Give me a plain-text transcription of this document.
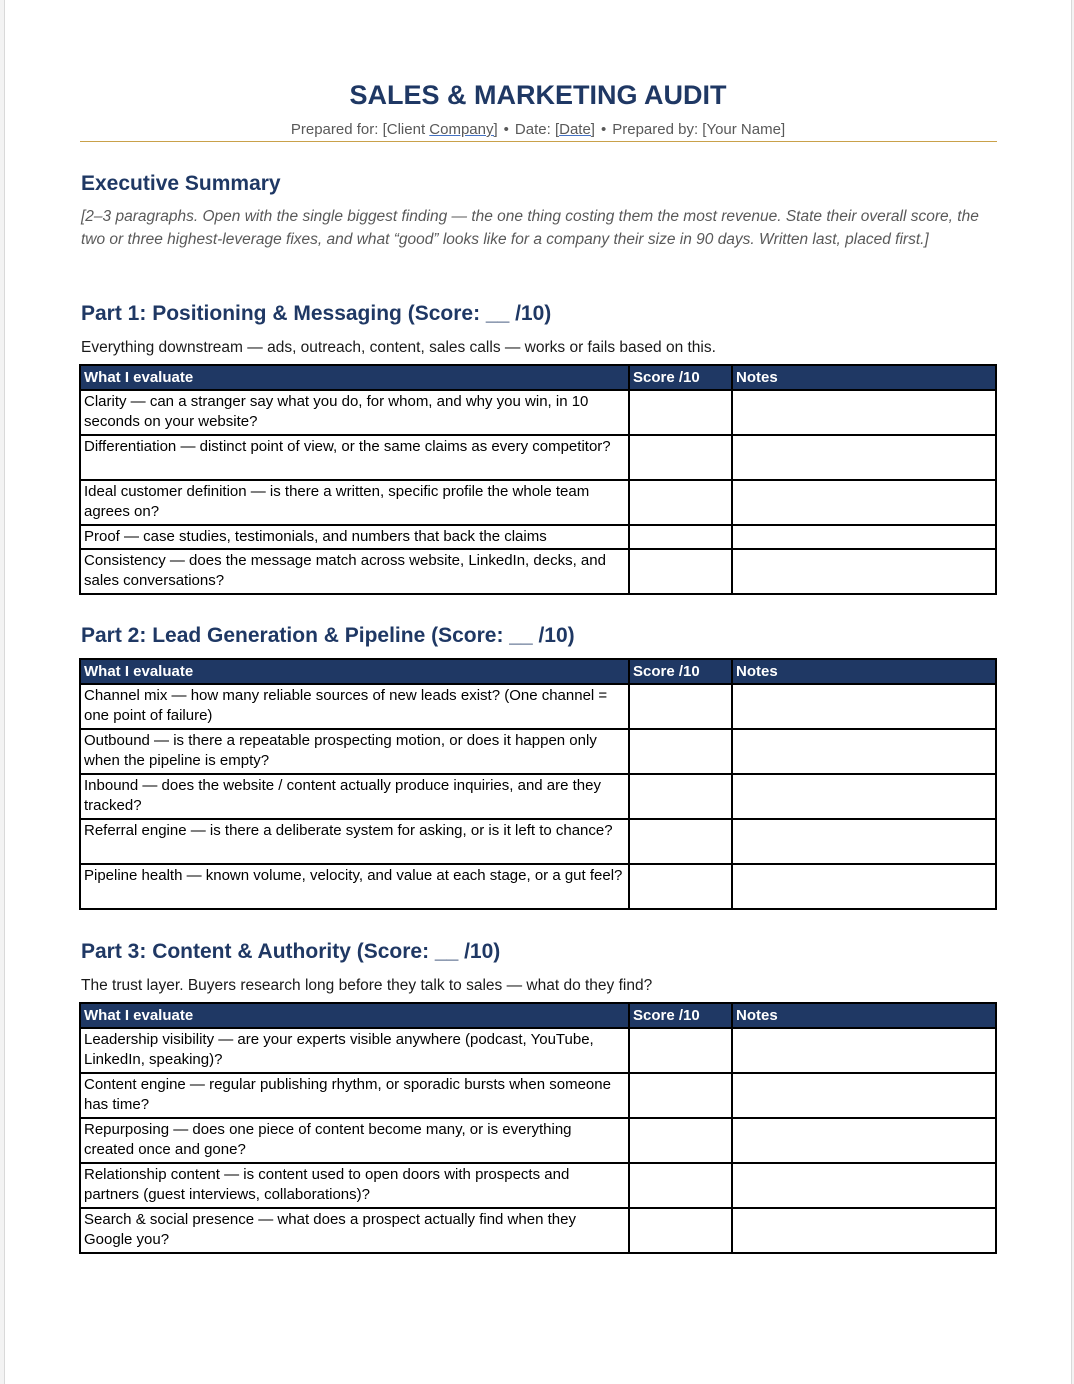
SALES & MARKETING AUDIT
Prepared for: [Client Company] • Date: [Date] • Prepared by: [Your Name]
Executive Summary
[2–3 paragraphs. Open with the single biggest finding — the one thing costing them the most revenue. State their overall score, the two or three highest-leverage fixes, and what “good” looks like for a company their size in 90 days. Written last, placed first.]
Part 1: Positioning & Messaging (Score: __ /10)
Everything downstream — ads, outreach, content, sales calls — works or fails based on this.
What I evaluate	Score /10	Notes
Clarity — can a stranger say what you do, for whom, and why you win, in 10 seconds on your website?		
Differentiation — distinct point of view, or the same claims as every competitor?		
Ideal customer definition — is there a written, specific profile the whole team agrees on?		
Proof — case studies, testimonials, and numbers that back the claims		
Consistency — does the message match across website, LinkedIn, decks, and sales conversations?		
Part 2: Lead Generation & Pipeline (Score: __ /10)
What I evaluate	Score /10	Notes
Channel mix — how many reliable sources of new leads exist? (One channel = one point of failure)		
Outbound — is there a repeatable prospecting motion, or does it happen only when the pipeline is empty?		
Inbound — does the website / content actually produce inquiries, and are they tracked?		
Referral engine — is there a deliberate system for asking, or is it left to chance?		
Pipeline health — known volume, velocity, and value at each stage, or a gut feel?		
Part 3: Content & Authority (Score: __ /10)
The trust layer. Buyers research long before they talk to sales — what do they find?
What I evaluate	Score /10	Notes
Leadership visibility — are your experts visible anywhere (podcast, YouTube, LinkedIn, speaking)?		
Content engine — regular publishing rhythm, or sporadic bursts when someone has time?		
Repurposing — does one piece of content become many, or is everything created once and gone?		
Relationship content — is content used to open doors with prospects and partners (guest interviews, collaborations)?		
Search & social presence — what does a prospect actually find when they Google you?		
